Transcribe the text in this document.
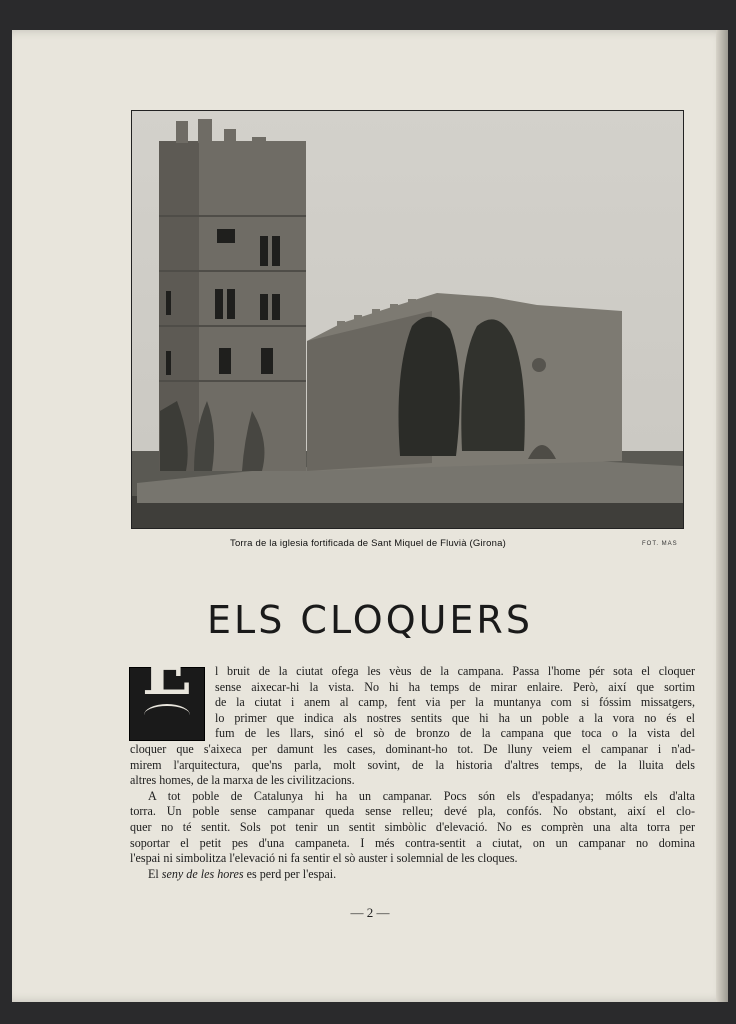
Torra de la iglesia fortificada de Sant Miquel de Fluvià (Girona)	FOT. MAS
ELS CLOQUERS
E	l bruit de la ciutat ofega les vèus de la campana. Passa l'home pér sota el cloquer
sense aixecar-hi la vista. No hi ha temps de mirar enlaire. Però, així que sortim
de la ciutat i anem al camp, fent via per la muntanya com si fóssim missatgers,
lo primer que indica als nostres sentits que hi ha un poble a la vora no és el
fum de les llars, sinó el sò de bronzo de la campana que toca o la vista del
cloquer que s'aixeca per damunt les cases, dominant-ho tot. De lluny veiem el campanar i n'ad-
mirem l'arquitectura, que'ns parla, molt sovint, de la historia d'altres temps, de la lluita dels
altres homes, de la marxa de les civilitzacions.
A tot poble de Catalunya hi ha un campanar. Pocs són els d'espadanya; mólts els d'alta
torra. Un poble sense campanar queda sense relleu; devé pla, confós. No obstant, així el clo-
quer no té sentit. Sols pot tenir un sentit simbòlic d'elevació. No es comprèn una alta torra per
soportar el petit pes d'una campaneta. I més contra-sentit a ciutat, on un campanar no domina
l'espai ni simbolitza l'elevació ni fa sentir el sò auster i solemnial de les cloques.
El seny de les hores es perd per l'espai.
— 2 —
